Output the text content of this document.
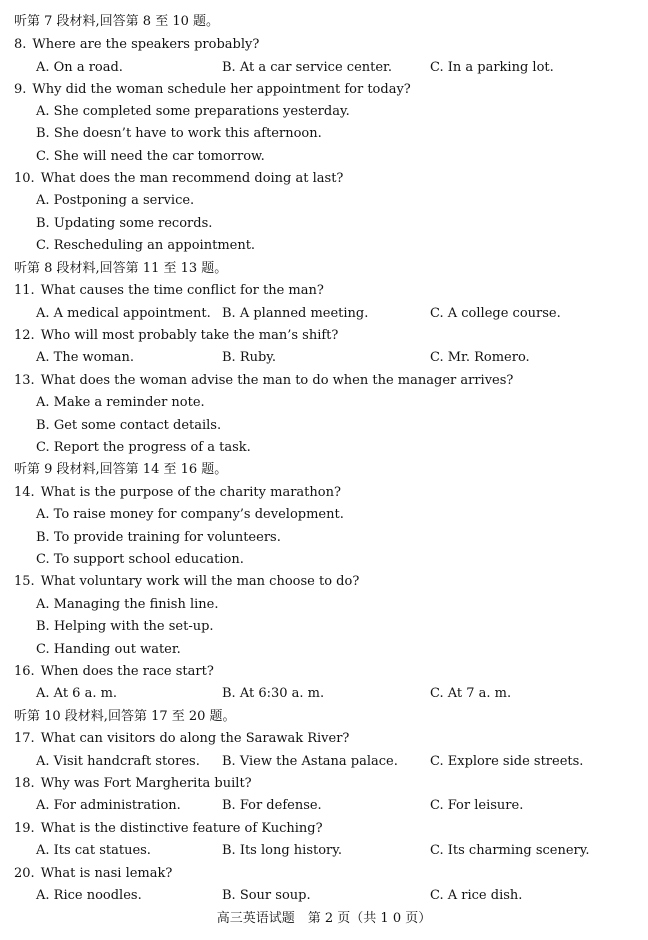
听第 7 段材料,回答第 8 至 10 题。
8. Where are the speakers probably?
A. On a road.	B. At a car service center.	C. In a parking lot.
9. Why did the woman schedule her appointment for today?
A. She completed some preparations yesterday.
B. She doesn’t have to work this afternoon.
C. She will need the car tomorrow.
10. What does the man recommend doing at last?
A. Postponing a service.
B. Updating some records.
C. Rescheduling an appointment.
听第 8 段材料,回答第 11 至 13 题。
11. What causes the time conflict for the man?
A. A medical appointment. B. A planned meeting.	C. A college course.
12. Who will most probably take the man’s shift?
A. The woman.	B. Ruby.	C. Mr. Romero.
13. What does the woman advise the man to do when the manager arrives?
A. Make a reminder note.
B. Get some contact details.
C. Report the progress of a task.
听第 9 段材料,回答第 14 至 16 题。
14. What is the purpose of the charity marathon?
A. To raise money for company’s development.
B. To provide training for volunteers.
C. To support school education.
15. What voluntary work will the man choose to do?
A. Managing the finish line.
B. Helping with the set-up.
C. Handing out water.
16. When does the race start?
A. At 6 a. m.	B. At 6:30 a. m.	C. At 7 a. m.
听第 10 段材料,回答第 17 至 20 题。
17. What can visitors do along the Sarawak River?
A. Visit handcraft stores. B. View the Astana palace. C. Explore side streets.
18. Why was Fort Margherita built?
A. For administration.	B. For defense.	C. For leisure.
19. What is the distinctive feature of Kuching?
A. Its cat statues.	B. Its long history.	C. Its charming scenery.
20. What is nasi lemak?
A. Rice noodles.	B. Sour soup.	C. A rice dish.
高三英语试题　第 2 页（共 1 0 页）
